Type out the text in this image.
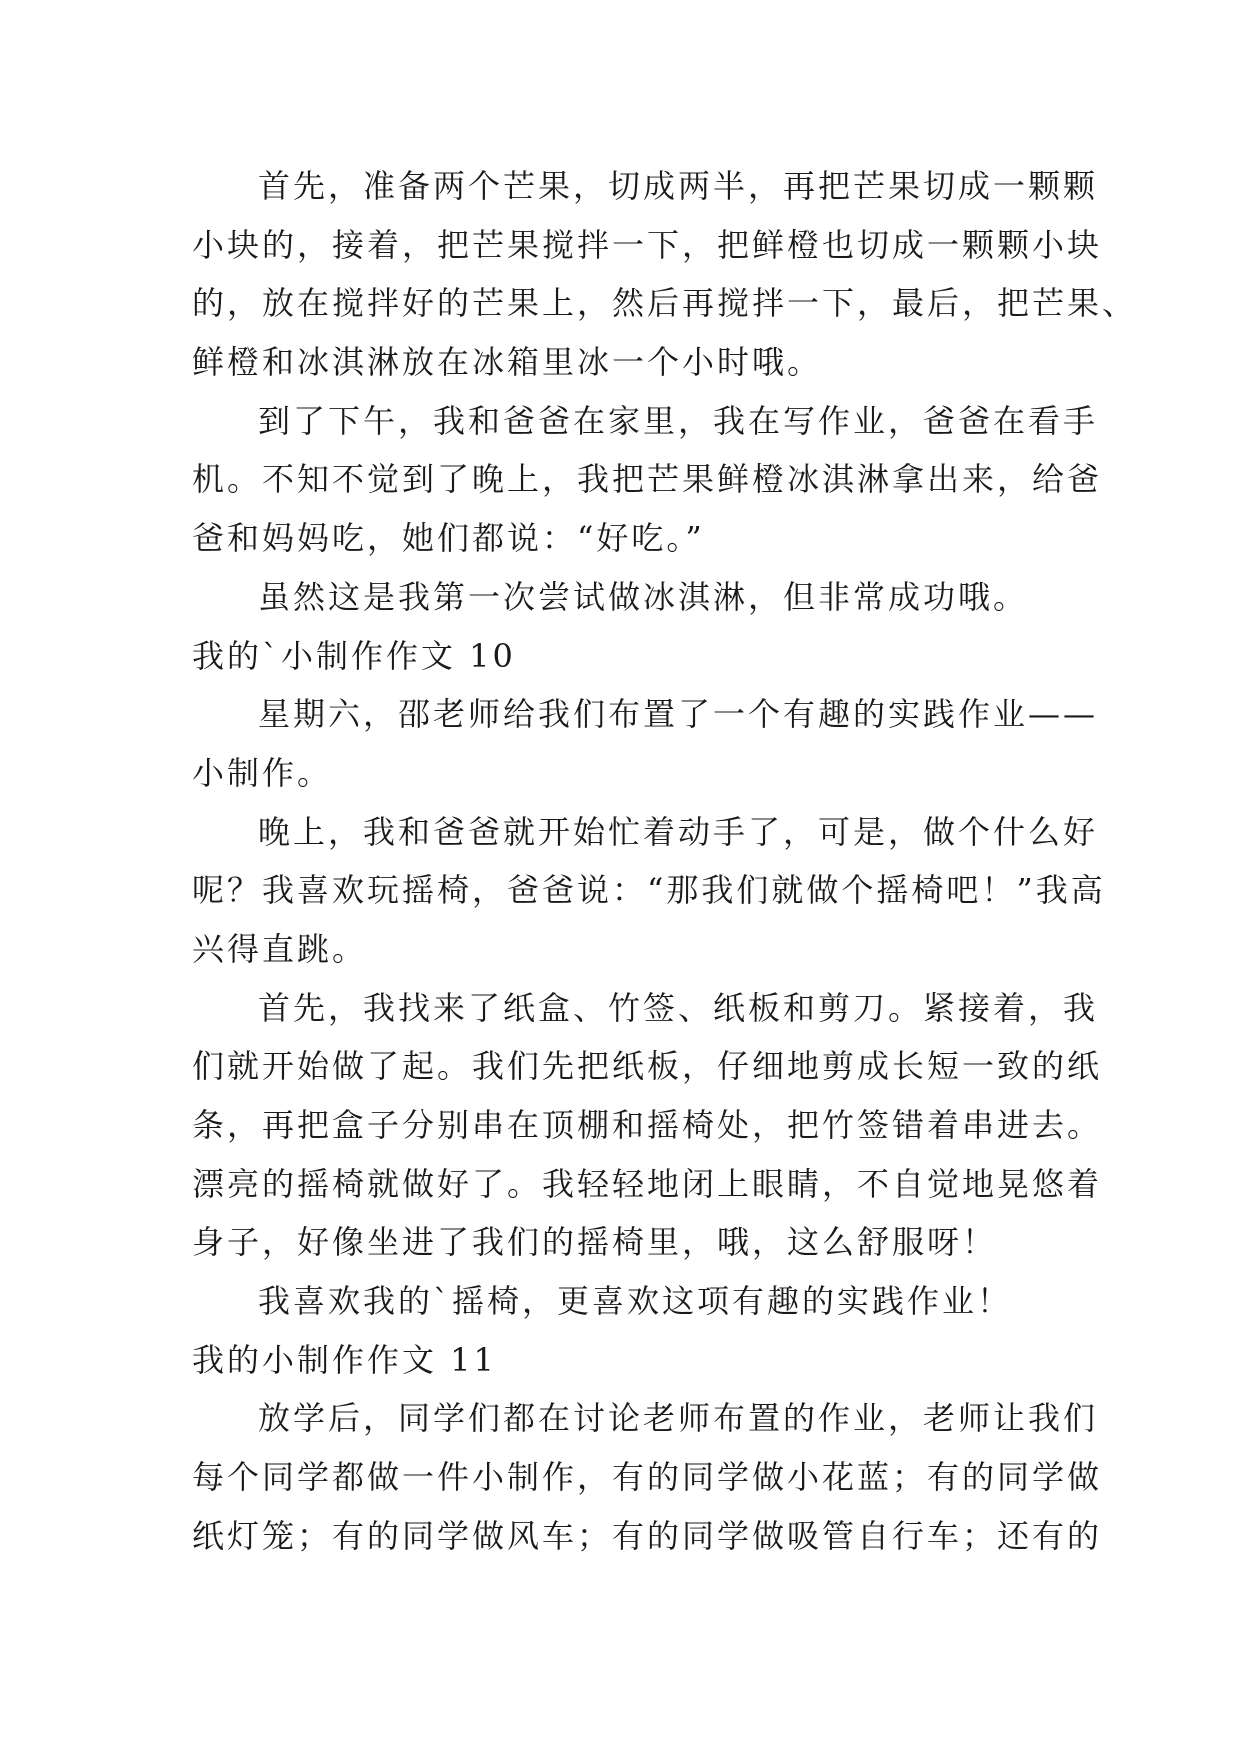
首先，准备两个芒果，切成两半，再把芒果切成一颗颗
小块的，接着，把芒果搅拌一下，把鲜橙也切成一颗颗小块
的，放在搅拌好的芒果上，然后再搅拌一下，最后，把芒果、
鲜橙和冰淇淋放在冰箱里冰一个小时哦。
到了下午，我和爸爸在家里，我在写作业，爸爸在看手
机。不知不觉到了晚上，我把芒果鲜橙冰淇淋拿出来，给爸
爸和妈妈吃，她们都说：“好吃。”
虽然这是我第一次尝试做冰淇淋，但非常成功哦。
我的`小制作作文 10
星期六，邵老师给我们布置了一个有趣的实践作业——
小制作。
晚上，我和爸爸就开始忙着动手了，可是，做个什么好
呢？我喜欢玩摇椅，爸爸说：“那我们就做个摇椅吧！”我高
兴得直跳。
首先，我找来了纸盒、竹签、纸板和剪刀。紧接着，我
们就开始做了起。我们先把纸板，仔细地剪成长短一致的纸
条，再把盒子分别串在顶棚和摇椅处，把竹签错着串进去。
漂亮的摇椅就做好了。我轻轻地闭上眼睛，不自觉地晃悠着
身子，好像坐进了我们的摇椅里，哦，这么舒服呀！
我喜欢我的`摇椅，更喜欢这项有趣的实践作业！
我的小制作作文 11
放学后，同学们都在讨论老师布置的作业，老师让我们
每个同学都做一件小制作，有的同学做小花蓝；有的同学做
纸灯笼；有的同学做风车；有的同学做吸管自行车；还有的
